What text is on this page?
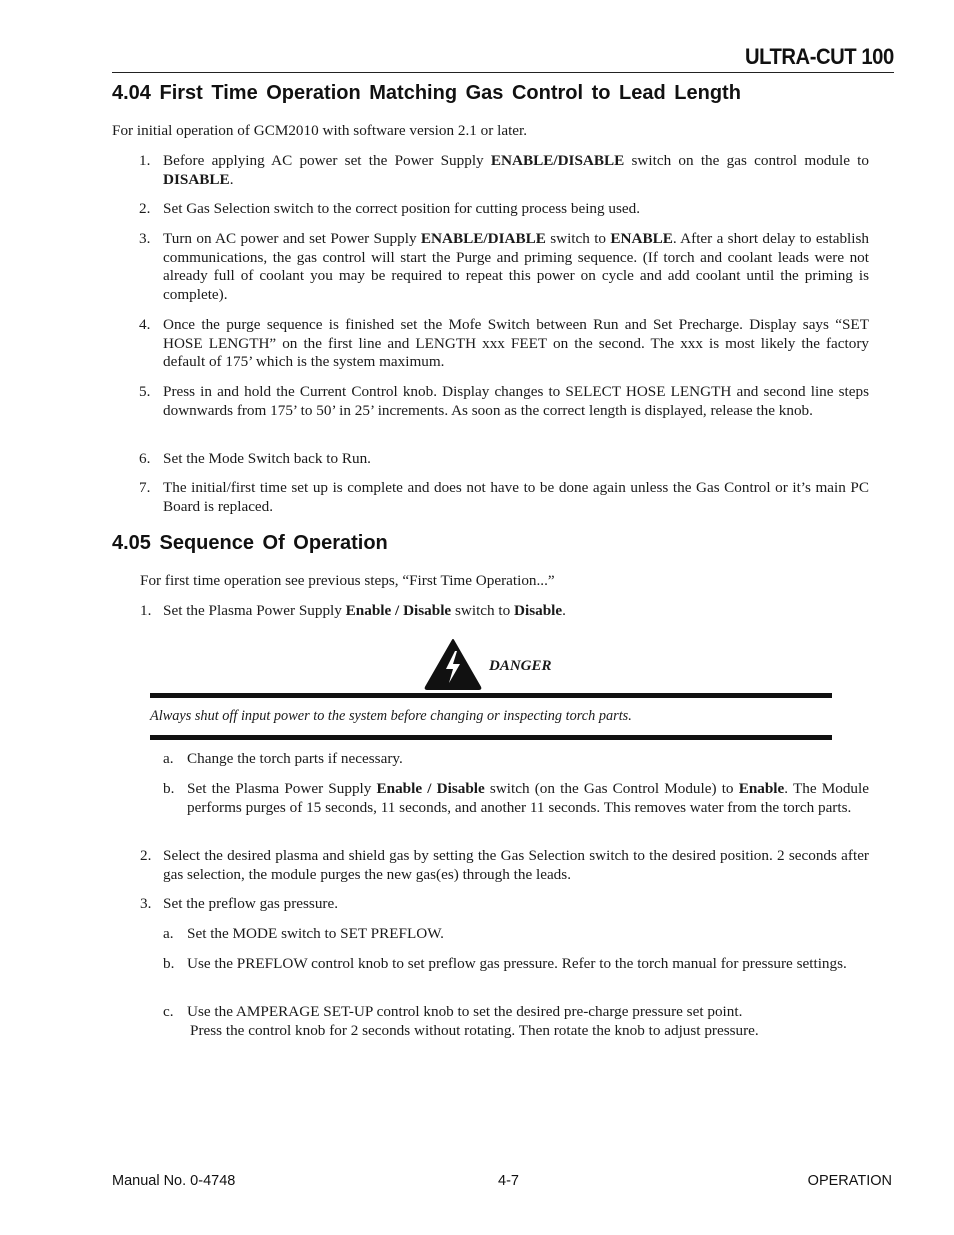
ULTRA-CUT 100
4.04 First Time Operation Matching Gas Control to Lead Length

For initial operation of GCM2010 with software version 2.1 or later.

1. Before applying AC power set the Power Supply ENABLE/DISABLE switch on the gas control module to DISABLE.

2. Set Gas Selection switch to the correct position for cutting process being used.

3. Turn on AC power and set Power Supply ENABLE/DIABLE switch to ENABLE. After a short delay to establish communications, the gas control will start the Purge and priming sequence. (If torch and coolant leads were not already full of coolant you may be required to repeat this power on cycle and add coolant until the priming is complete).

4. Once the purge sequence is finished set the Mofe Switch between Run and Set Precharge. Display says “SET HOSE LENGTH” on the first line and LENGTH xxx FEET on the second. The xxx is most likely the factory default of 175’ which is the system maximum.

5. Press in and hold the Current Control knob. Display changes to SELECT HOSE LENGTH and second line steps downwards from 175’ to 50’ in 25’ increments. As soon as the correct length is displayed, release the knob.

6. Set the Mode Switch back to Run.

7. The initial/first time set up is complete and does not have to be done again unless the Gas Control or it’s main PC Board is replaced.

4.05 Sequence Of Operation

For first time operation see previous steps, “First Time Operation...”

1. Set the Plasma Power Supply Enable / Disable switch to Disable.

DANGER
Always shut off input power to the system before changing or inspecting torch parts.
a. Change the torch parts if necessary.

b. Set the Plasma Power Supply Enable / Disable switch (on the Gas Control Module) to Enable. The Module performs purges of 15 seconds, 11 seconds, and another 11 seconds. This removes water from the torch parts.

2. Select the desired plasma and shield gas by setting the Gas Selection switch to the desired position. 2 seconds after gas selection, the module purges the new gas(es) through the leads.

3. Set the preflow gas pressure.

a. Set the MODE switch to SET PREFLOW.

b. Use the PREFLOW control knob to set preflow gas pressure. Refer to the torch manual for pressure settings.

c. Use the AMPERAGE SET-UP control knob to set the desired pre-charge pressure set point.

Press the control knob for 2 seconds without rotating. Then rotate the knob to adjust pressure.

Manual No. 0-4748	4-7	OPERATION
